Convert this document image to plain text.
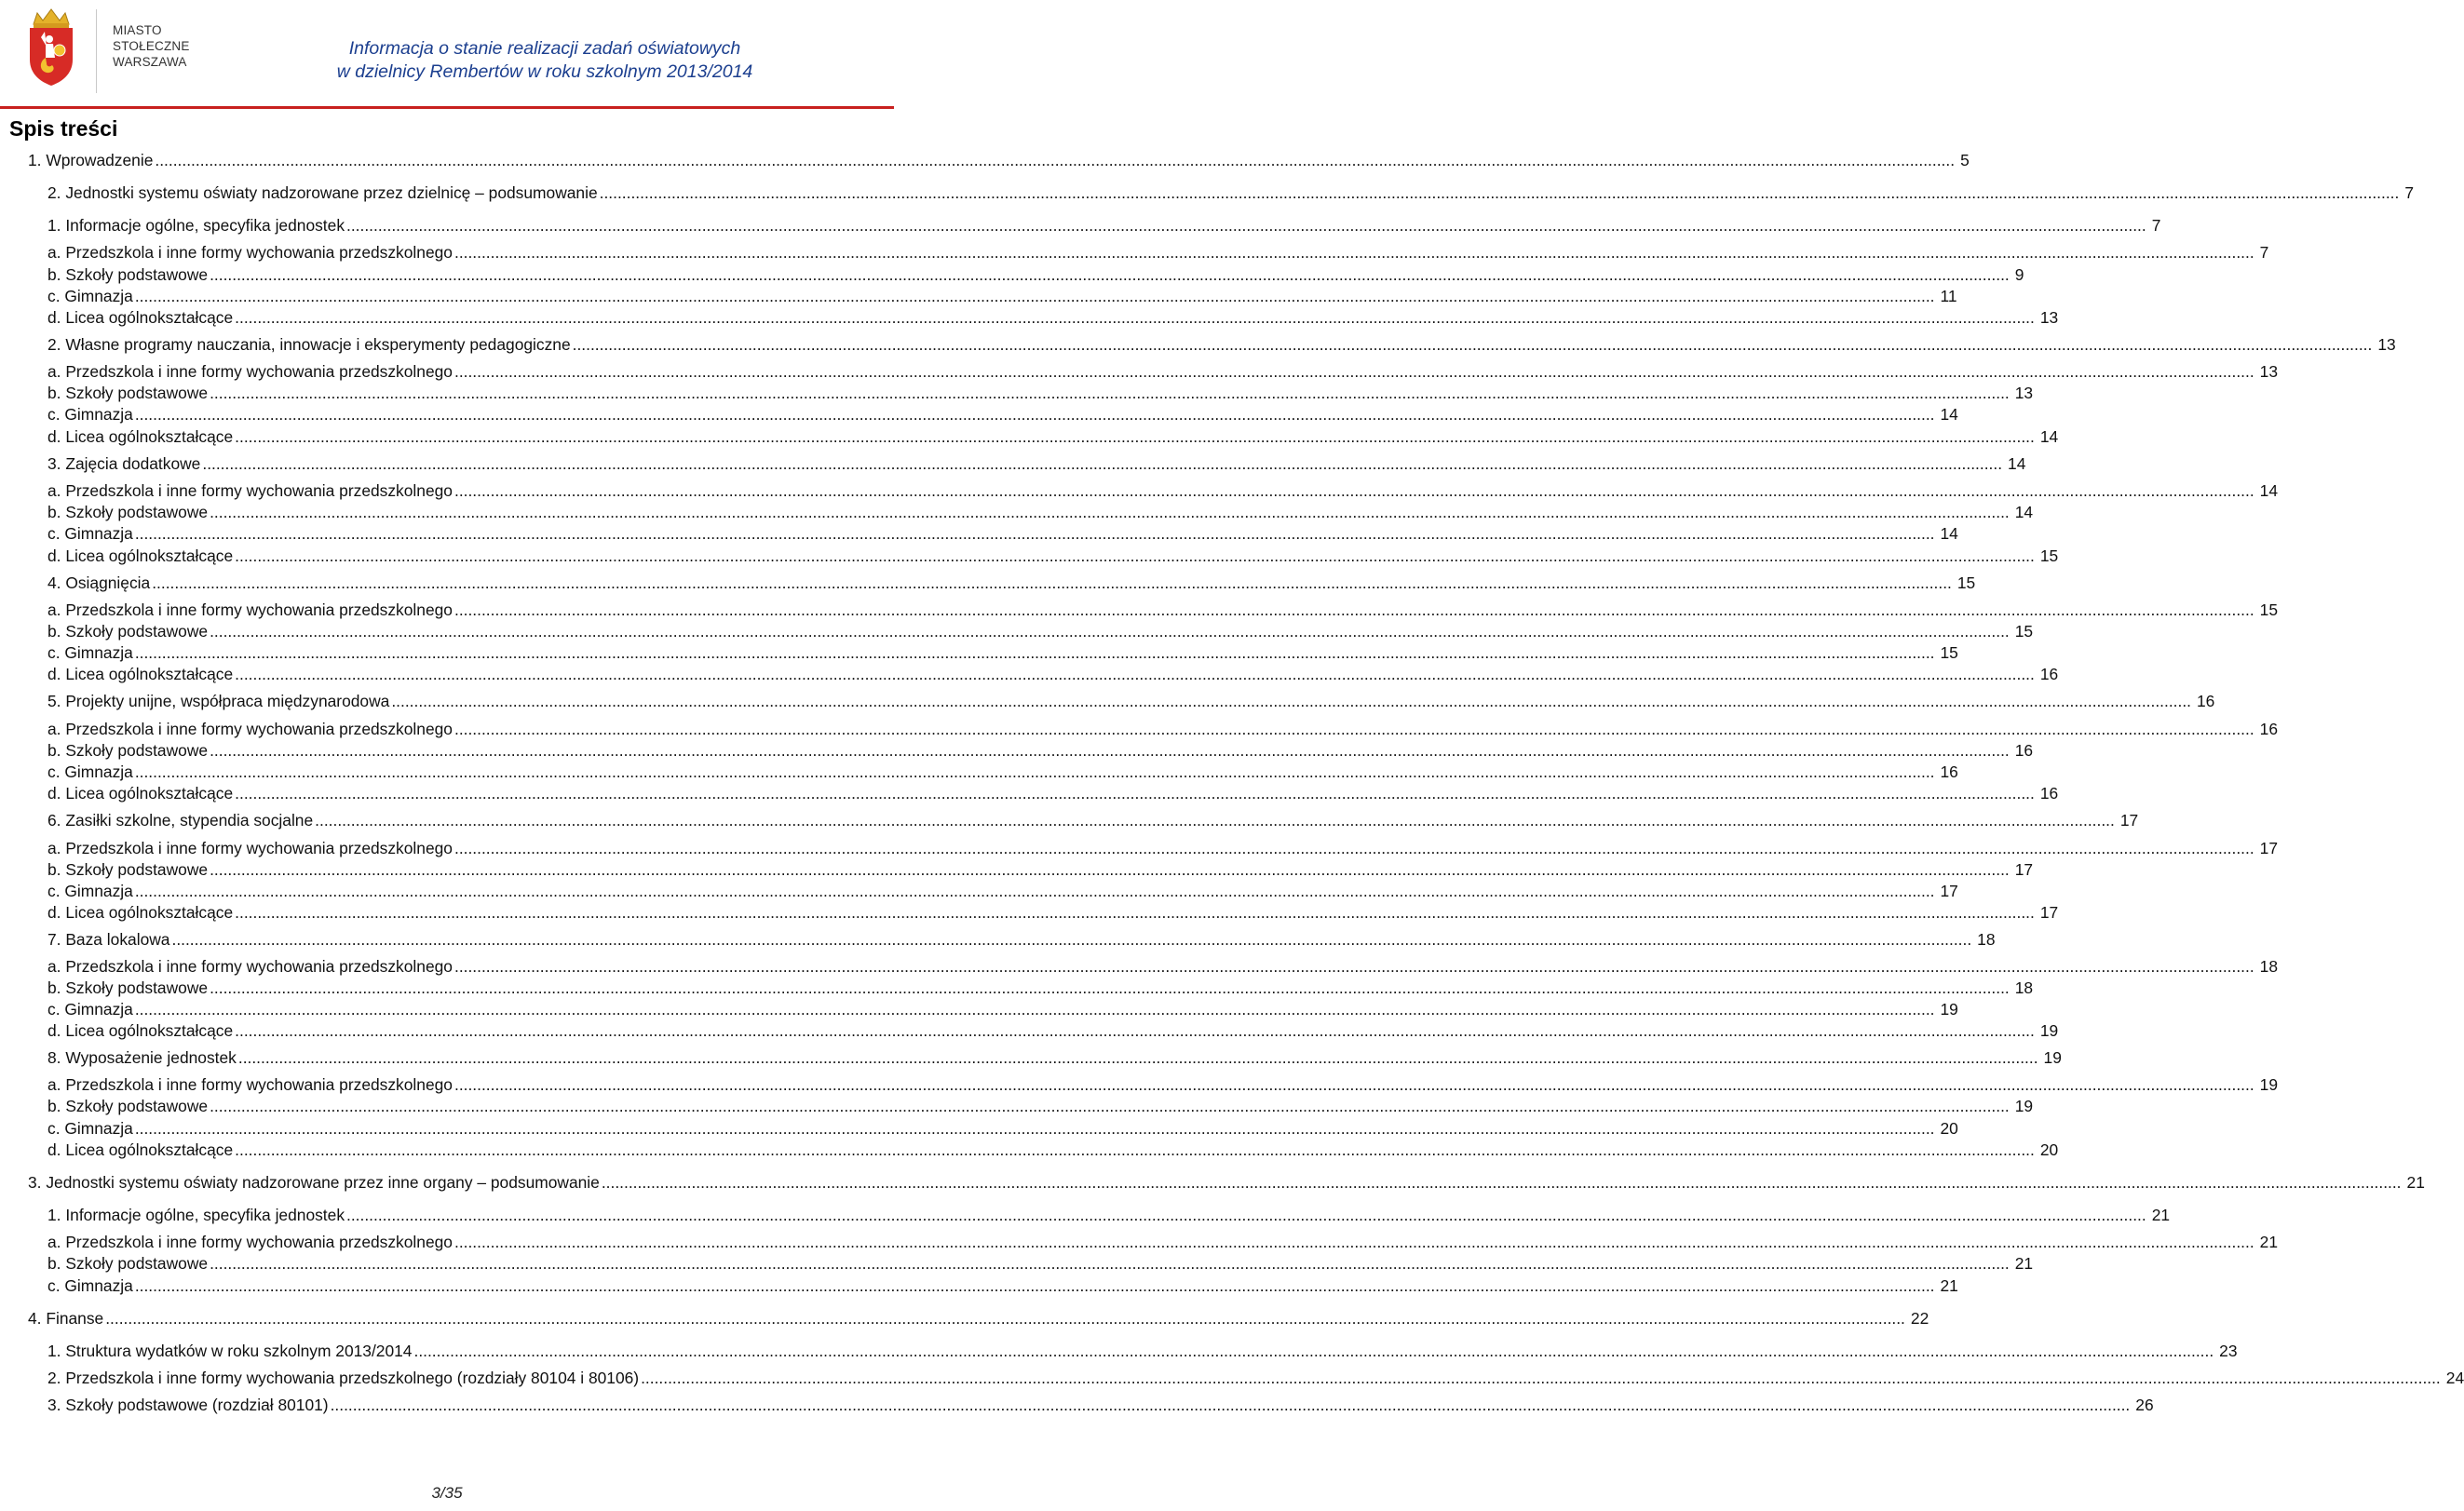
MIASTO
STOŁECZNE
WARSZAWA
Informacja o stanie realizacji zadań oświatowych
w dzielnicy Rembertów w roku szkolnym 2013/2014
Spis treści
1. Wprowadzenie ................................................................................................................................................................................................................................................................................................................................................................................................................ 5
2. Jednostki systemu oświaty nadzorowane przez dzielnicę – podsumowanie ................................................................................................................................................................................................................................................................................................................................................................................................................ 7
1. Informacje ogólne, specyfika jednostek ................................................................................................................................................................................................................................................................................................................................................................................................................ 7
a. Przedszkola i inne formy wychowania przedszkolnego ................................................................................................................................................................................................................................................................................................................................................................................................................ 7
b. Szkoły podstawowe ................................................................................................................................................................................................................................................................................................................................................................................................................ 9
c. Gimnazja ................................................................................................................................................................................................................................................................................................................................................................................................................ 11
d. Licea ogólnokształcące ................................................................................................................................................................................................................................................................................................................................................................................................................ 13
2. Własne programy nauczania, innowacje i eksperymenty pedagogiczne ................................................................................................................................................................................................................................................................................................................................................................................................................ 13
a. Przedszkola i inne formy wychowania przedszkolnego ................................................................................................................................................................................................................................................................................................................................................................................................................ 13
b. Szkoły podstawowe ................................................................................................................................................................................................................................................................................................................................................................................................................ 13
c. Gimnazja ................................................................................................................................................................................................................................................................................................................................................................................................................ 14
d. Licea ogólnokształcące ................................................................................................................................................................................................................................................................................................................................................................................................................ 14
3. Zajęcia dodatkowe ................................................................................................................................................................................................................................................................................................................................................................................................................ 14
a. Przedszkola i inne formy wychowania przedszkolnego ................................................................................................................................................................................................................................................................................................................................................................................................................ 14
b. Szkoły podstawowe ................................................................................................................................................................................................................................................................................................................................................................................................................ 14
c. Gimnazja ................................................................................................................................................................................................................................................................................................................................................................................................................ 14
d. Licea ogólnokształcące ................................................................................................................................................................................................................................................................................................................................................................................................................ 15
4. Osiągnięcia ................................................................................................................................................................................................................................................................................................................................................................................................................ 15
a. Przedszkola i inne formy wychowania przedszkolnego ................................................................................................................................................................................................................................................................................................................................................................................................................ 15
b. Szkoły podstawowe ................................................................................................................................................................................................................................................................................................................................................................................................................ 15
c. Gimnazja ................................................................................................................................................................................................................................................................................................................................................................................................................ 15
d. Licea ogólnokształcące ................................................................................................................................................................................................................................................................................................................................................................................................................ 16
5. Projekty unijne, współpraca międzynarodowa ................................................................................................................................................................................................................................................................................................................................................................................................................ 16
a. Przedszkola i inne formy wychowania przedszkolnego ................................................................................................................................................................................................................................................................................................................................................................................................................ 16
b. Szkoły podstawowe ................................................................................................................................................................................................................................................................................................................................................................................................................ 16
c. Gimnazja ................................................................................................................................................................................................................................................................................................................................................................................................................ 16
d. Licea ogólnokształcące ................................................................................................................................................................................................................................................................................................................................................................................................................ 16
6. Zasiłki szkolne, stypendia socjalne ................................................................................................................................................................................................................................................................................................................................................................................................................ 17
a. Przedszkola i inne formy wychowania przedszkolnego ................................................................................................................................................................................................................................................................................................................................................................................................................ 17
b. Szkoły podstawowe ................................................................................................................................................................................................................................................................................................................................................................................................................ 17
c. Gimnazja ................................................................................................................................................................................................................................................................................................................................................................................................................ 17
d. Licea ogólnokształcące ................................................................................................................................................................................................................................................................................................................................................................................................................ 17
7. Baza lokalowa ................................................................................................................................................................................................................................................................................................................................................................................................................ 18
a. Przedszkola i inne formy wychowania przedszkolnego ................................................................................................................................................................................................................................................................................................................................................................................................................ 18
b. Szkoły podstawowe ................................................................................................................................................................................................................................................................................................................................................................................................................ 18
c. Gimnazja ................................................................................................................................................................................................................................................................................................................................................................................................................ 19
d. Licea ogólnokształcące ................................................................................................................................................................................................................................................................................................................................................................................................................ 19
8. Wyposażenie jednostek ................................................................................................................................................................................................................................................................................................................................................................................................................ 19
a. Przedszkola i inne formy wychowania przedszkolnego ................................................................................................................................................................................................................................................................................................................................................................................................................ 19
b. Szkoły podstawowe ................................................................................................................................................................................................................................................................................................................................................................................................................ 19
c. Gimnazja ................................................................................................................................................................................................................................................................................................................................................................................................................ 20
d. Licea ogólnokształcące ................................................................................................................................................................................................................................................................................................................................................................................................................ 20
3. Jednostki systemu oświaty nadzorowane przez inne organy – podsumowanie ................................................................................................................................................................................................................................................................................................................................................................................................................ 21
1. Informacje ogólne, specyfika jednostek ................................................................................................................................................................................................................................................................................................................................................................................................................ 21
a. Przedszkola i inne formy wychowania przedszkolnego ................................................................................................................................................................................................................................................................................................................................................................................................................ 21
b. Szkoły podstawowe ................................................................................................................................................................................................................................................................................................................................................................................................................ 21
c. Gimnazja ................................................................................................................................................................................................................................................................................................................................................................................................................ 21
4. Finanse ................................................................................................................................................................................................................................................................................................................................................................................................................ 22
1. Struktura wydatków w roku szkolnym 2013/2014 ................................................................................................................................................................................................................................................................................................................................................................................................................ 23
2. Przedszkola i inne formy wychowania przedszkolnego (rozdziały 80104 i 80106) ................................................................................................................................................................................................................................................................................................................................................................................................................ 24
3. Szkoły podstawowe (rozdział 80101) ................................................................................................................................................................................................................................................................................................................................................................................................................ 26
3/35
